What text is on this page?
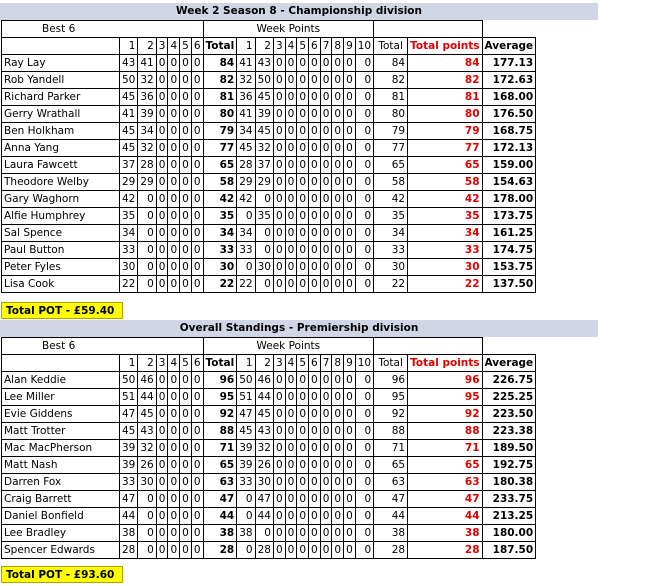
Week 2 Season 8 - Championship division
Best 6							Week Points													
	1	2	3	4	5	6	Total	1	2	3	4	5	6	7	8	9	10	Total	Total points	Average
Ray Lay	43	41	0	0	0	0	84	41	43	0	0	0	0	0	0	0	0	84	84	177.13
Rob Yandell	50	32	0	0	0	0	82	32	50	0	0	0	0	0	0	0	0	82	82	172.63
Richard Parker	45	36	0	0	0	0	81	36	45	0	0	0	0	0	0	0	0	81	81	168.00
Gerry Wrathall	41	39	0	0	0	0	80	41	39	0	0	0	0	0	0	0	0	80	80	176.50
Ben Holkham	45	34	0	0	0	0	79	34	45	0	0	0	0	0	0	0	0	79	79	168.75
Anna Yang	45	32	0	0	0	0	77	45	32	0	0	0	0	0	0	0	0	77	77	172.13
Laura Fawcett	37	28	0	0	0	0	65	28	37	0	0	0	0	0	0	0	0	65	65	159.00
Theodore Welby	29	29	0	0	0	0	58	29	29	0	0	0	0	0	0	0	0	58	58	154.63
Gary Waghorn	42	0	0	0	0	0	42	42	0	0	0	0	0	0	0	0	0	42	42	178.00
Alfie Humphrey	35	0	0	0	0	0	35	0	35	0	0	0	0	0	0	0	0	35	35	173.75
Sal Spence	34	0	0	0	0	0	34	34	0	0	0	0	0	0	0	0	0	34	34	161.25
Paul Button	33	0	0	0	0	0	33	33	0	0	0	0	0	0	0	0	0	33	33	174.75
Peter Fyles	30	0	0	0	0	0	30	0	30	0	0	0	0	0	0	0	0	30	30	153.75
Lisa Cook	22	0	0	0	0	0	22	22	0	0	0	0	0	0	0	0	0	22	22	137.50
Total POT - £59.40
Overall Standings - Premiership division
Best 6							Week Points													
	1	2	3	4	5	6	Total	1	2	3	4	5	6	7	8	9	10	Total	Total points	Average
Alan Keddie	50	46	0	0	0	0	96	50	46	0	0	0	0	0	0	0	0	96	96	226.75
Lee Miller	51	44	0	0	0	0	95	51	44	0	0	0	0	0	0	0	0	95	95	225.25
Evie Giddens	47	45	0	0	0	0	92	47	45	0	0	0	0	0	0	0	0	92	92	223.50
Matt Trotter	45	43	0	0	0	0	88	45	43	0	0	0	0	0	0	0	0	88	88	223.38
Mac MacPherson	39	32	0	0	0	0	71	39	32	0	0	0	0	0	0	0	0	71	71	189.50
Matt Nash	39	26	0	0	0	0	65	39	26	0	0	0	0	0	0	0	0	65	65	192.75
Darren Fox	33	30	0	0	0	0	63	33	30	0	0	0	0	0	0	0	0	63	63	180.38
Craig Barrett	47	0	0	0	0	0	47	0	47	0	0	0	0	0	0	0	0	47	47	233.75
Daniel Bonfield	44	0	0	0	0	0	44	0	44	0	0	0	0	0	0	0	0	44	44	213.25
Lee Bradley	38	0	0	0	0	0	38	38	0	0	0	0	0	0	0	0	0	38	38	180.00
Spencer Edwards	28	0	0	0	0	0	28	0	28	0	0	0	0	0	0	0	0	28	28	187.50
Total POT - £93.60
